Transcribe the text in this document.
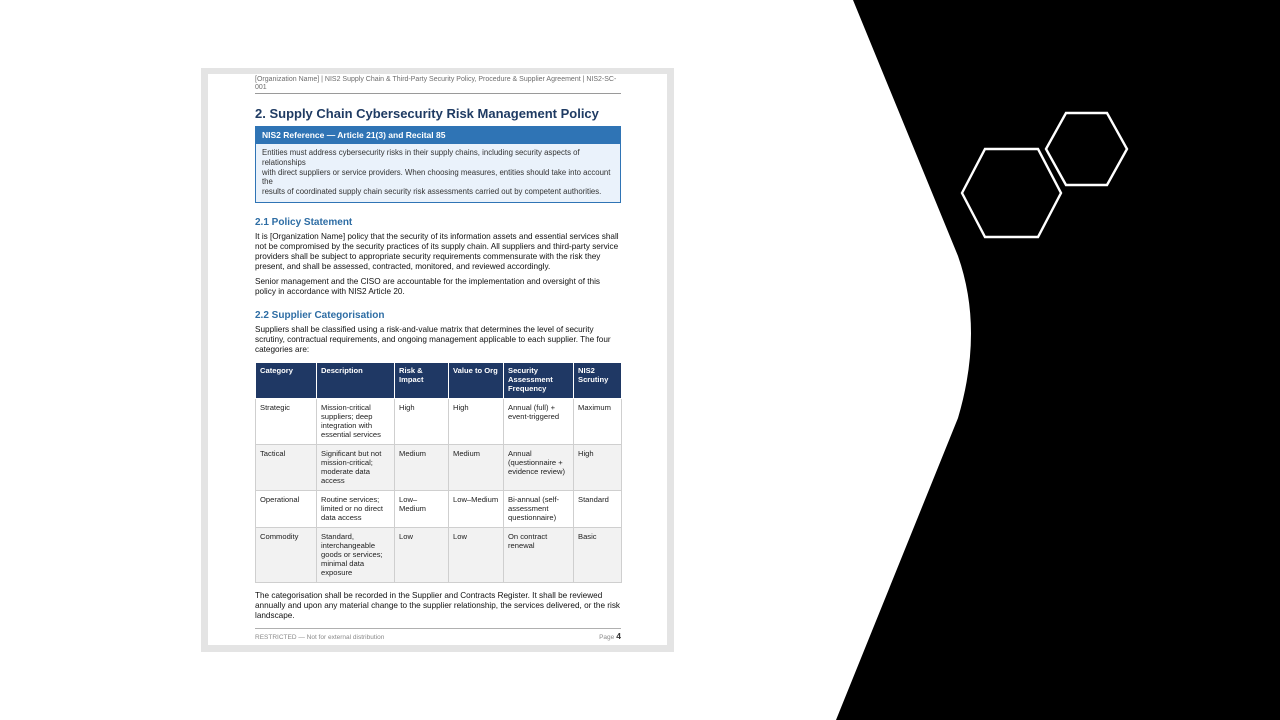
[Organization Name] | NIS2 Supply Chain & Third-Party Security Policy, Procedure & Supplier Agreement | NIS2-SC-001
2. Supply Chain Cybersecurity Risk Management Policy
NIS2 Reference — Article 21(3) and Recital 85
Entities must address cybersecurity risks in their supply chains, including security aspects of relationships
with direct suppliers or service providers. When choosing measures, entities should take into account the
results of coordinated supply chain security risk assessments carried out by competent authorities.
2.1 Policy Statement

It is [Organization Name] policy that the security of its information assets and essential services shall not be compromised by the security practices of its supply chain. All suppliers and third-party service providers shall be subject to appropriate security requirements commensurate with the risk they present, and shall be assessed, contracted, monitored, and reviewed accordingly.

Senior management and the CISO are accountable for the implementation and oversight of this policy in accordance with NIS2 Article 20.

2.2 Supplier Categorisation

Suppliers shall be classified using a risk-and-value matrix that determines the level of security scrutiny, contractual requirements, and ongoing management applicable to each supplier. The four categories are:

Category	Description	Risk & Impact	Value to Org	Security Assessment Frequency	NIS2 Scrutiny
Strategic	Mission-critical suppliers; deep integration with essential services	High	High	Annual (full) + event-triggered	Maximum
Tactical	Significant but not mission-critical; moderate data access	Medium	Medium	Annual (questionnaire + evidence review)	High
Operational	Routine services; limited or no direct data access	Low–Medium	Low–Medium	Bi-annual (self-assessment questionnaire)	Standard
Commodity	Standard, interchangeable goods or services; minimal data exposure	Low	Low	On contract renewal	Basic

The categorisation shall be recorded in the Supplier and Contracts Register. It shall be reviewed annually and upon any material change to the supplier relationship, the services delivered, or the risk landscape.

RESTRICTED — Not for external distribution	Page 4
